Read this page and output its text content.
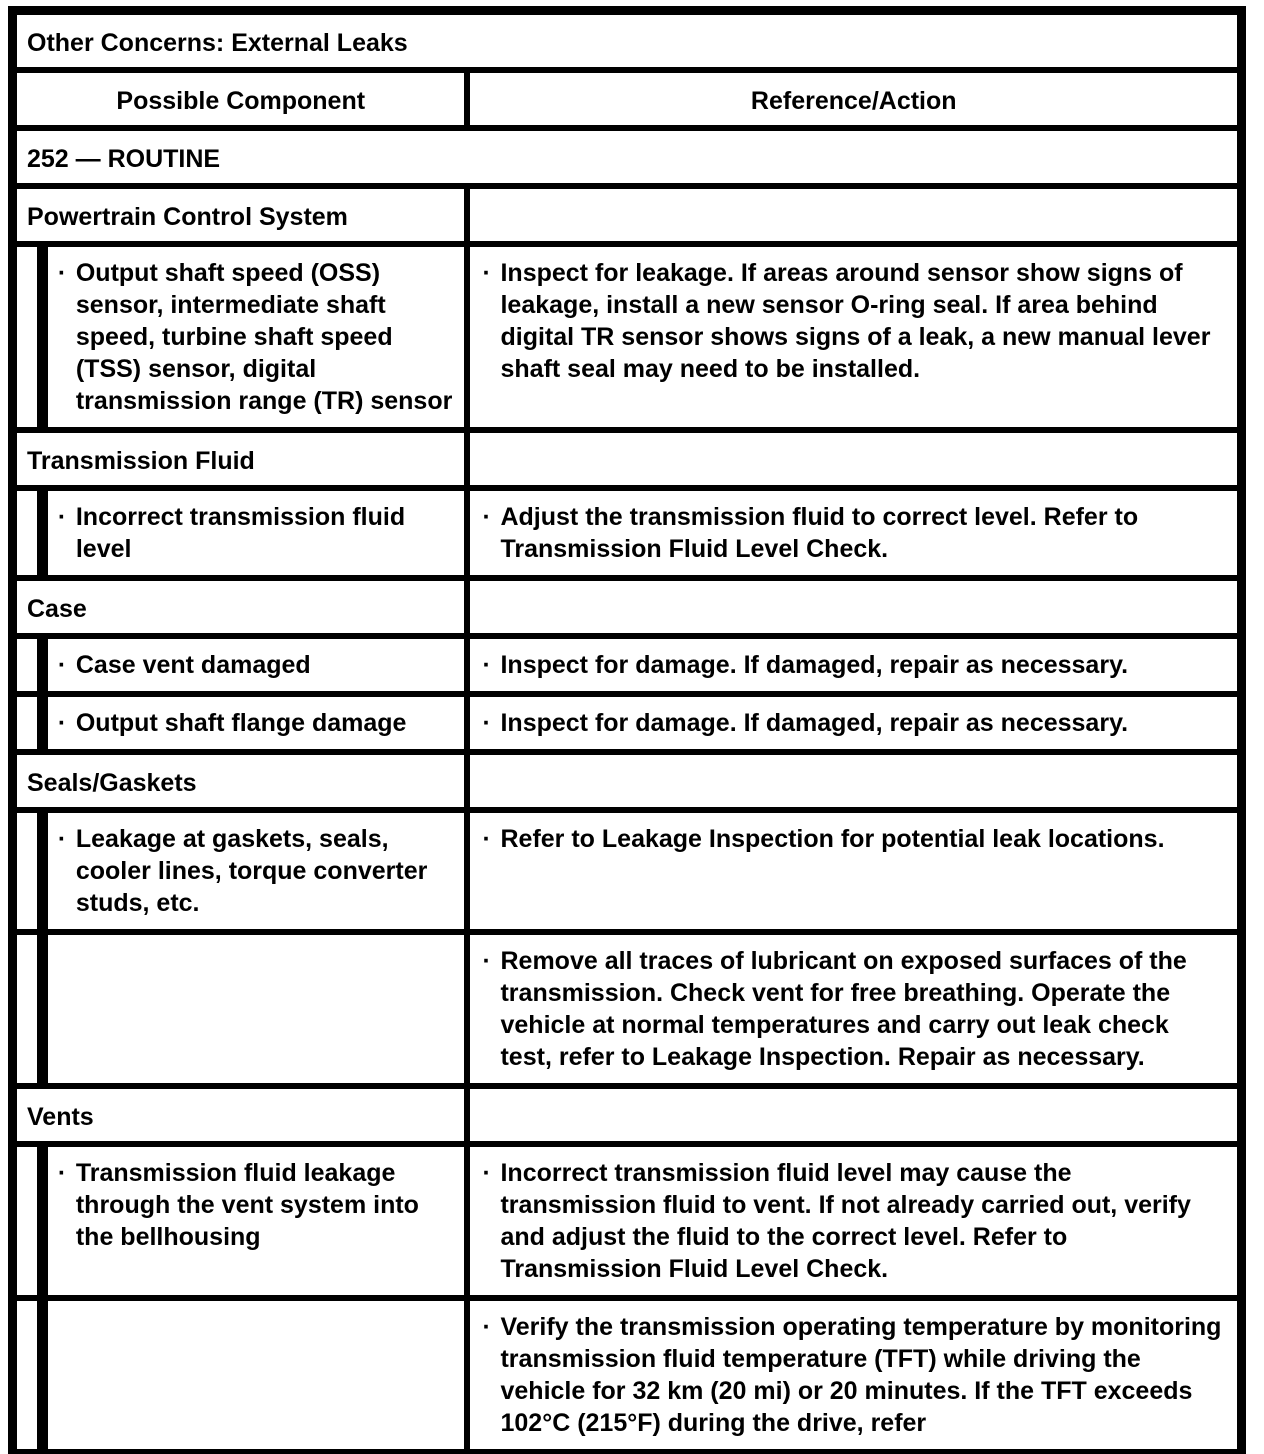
Other Concerns: External Leaks		
Possible Component		Reference/Action
252 — ROUTINE		
Powertrain Control System		

	· Output shaft speed (OSS) sensor, intermediate shaft speed, turbine shaft speed (TSS) sensor, digital transmission range (TR) sensor	· Inspect for leakage. If areas around sensor show signs of leakage, install a new sensor O-ring seal. If area behind digital TR sensor shows signs of a leak, a new manual lever shaft seal may need to be installed.

Transmission Fluid		

	· Incorrect transmission fluid level	· Adjust the transmission fluid to correct level. Refer to Transmission Fluid Level Check.

Case		

	· Case vent damaged	· Inspect for damage. If damaged, repair as necessary.

	· Output shaft flange damage	· Inspect for damage. If damaged, repair as necessary.

Seals/Gaskets		

	· Leakage at gaskets, seals, cooler lines, torque converter studs, etc.	· Refer to Leakage Inspection for potential leak locations.

		· Remove all traces of lubricant on exposed surfaces of the transmission. Check vent for free breathing. Operate the vehicle at normal temperatures and carry out leak check test, refer to Leakage Inspection. Repair as necessary.

Vents		

	· Transmission fluid leakage through the vent system into the bellhousing	· Incorrect transmission fluid level may cause the transmission fluid to vent. If not already carried out, verify and adjust the fluid to the correct level. Refer to Transmission Fluid Level Check.

		· Verify the transmission operating temperature by monitoring transmission fluid temperature (TFT) while driving the vehicle for 32 km (20 mi) or 20 minutes. If the TFT exceeds 102°C (215°F) during the drive, refer
